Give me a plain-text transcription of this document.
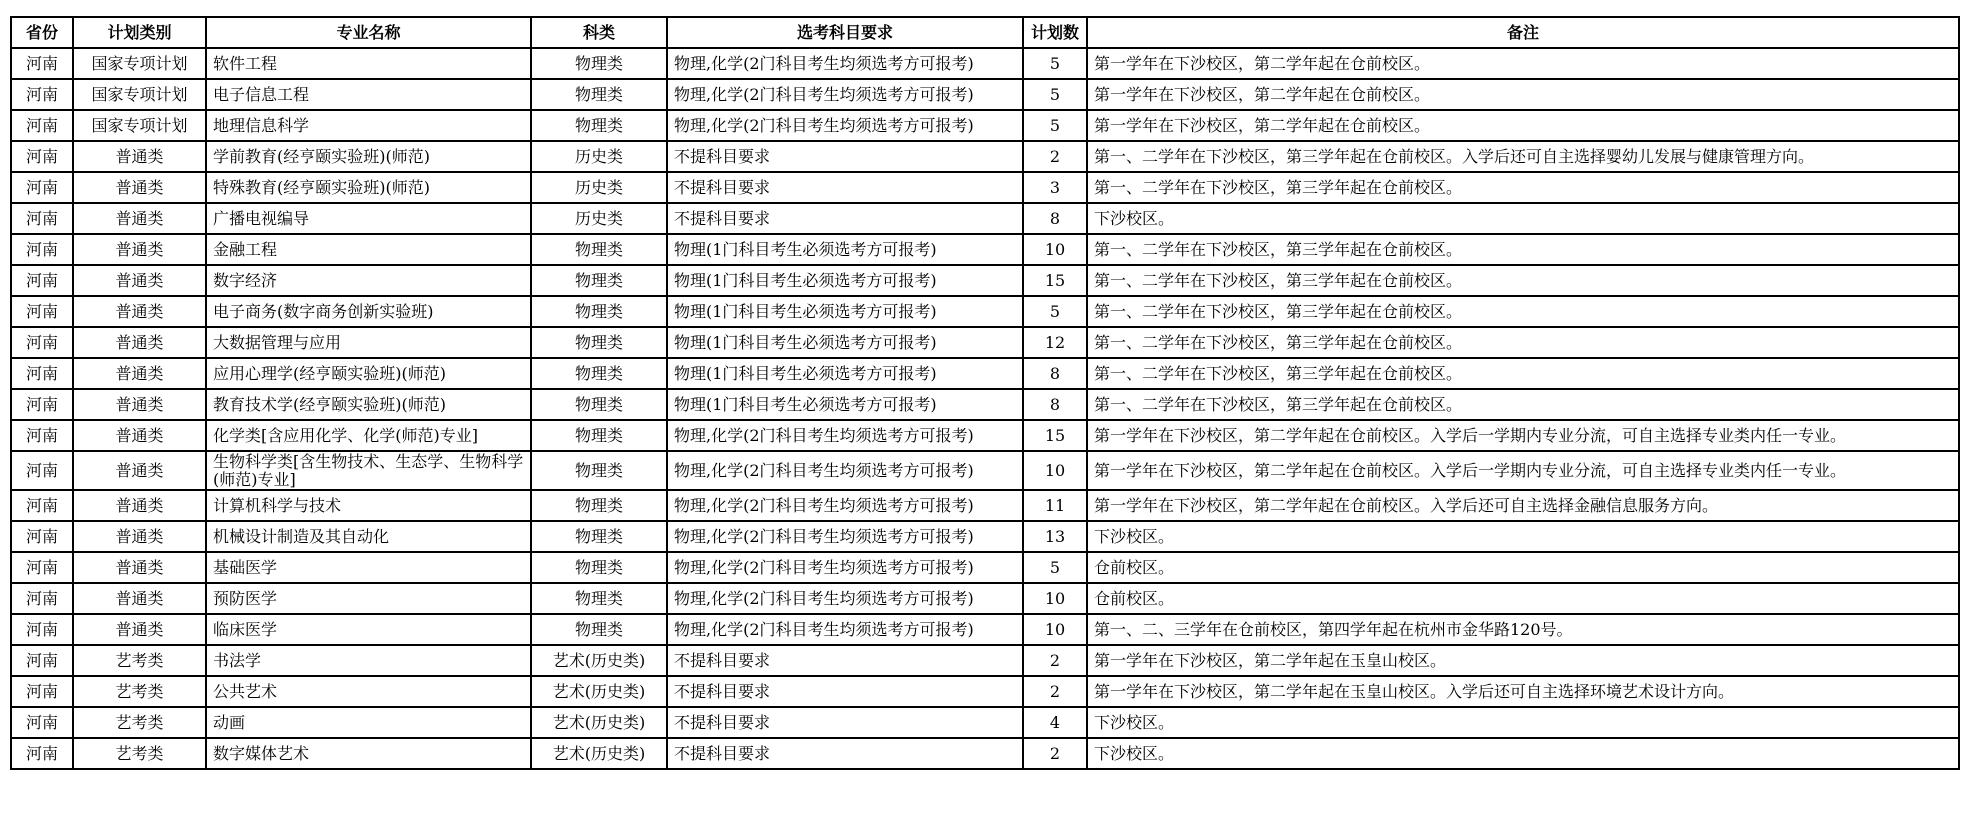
省份	计划类别	专业名称	科类	选考科目要求	计划数	备注
河南	国家专项计划	软件工程	物理类	物理,化学(2门科目考生均须选考方可报考)	5	第一学年在下沙校区，第二学年起在仓前校区。
河南	国家专项计划	电子信息工程	物理类	物理,化学(2门科目考生均须选考方可报考)	5	第一学年在下沙校区，第二学年起在仓前校区。
河南	国家专项计划	地理信息科学	物理类	物理,化学(2门科目考生均须选考方可报考)	5	第一学年在下沙校区，第二学年起在仓前校区。
河南	普通类	学前教育(经亨颐实验班)(师范)	历史类	不提科目要求	2	第一、二学年在下沙校区，第三学年起在仓前校区。入学后还可自主选择婴幼儿发展与健康管理方向。
河南	普通类	特殊教育(经亨颐实验班)(师范)	历史类	不提科目要求	3	第一、二学年在下沙校区，第三学年起在仓前校区。
河南	普通类	广播电视编导	历史类	不提科目要求	8	下沙校区。
河南	普通类	金融工程	物理类	物理(1门科目考生必须选考方可报考)	10	第一、二学年在下沙校区，第三学年起在仓前校区。
河南	普通类	数字经济	物理类	物理(1门科目考生必须选考方可报考)	15	第一、二学年在下沙校区，第三学年起在仓前校区。
河南	普通类	电子商务(数字商务创新实验班)	物理类	物理(1门科目考生必须选考方可报考)	5	第一、二学年在下沙校区，第三学年起在仓前校区。
河南	普通类	大数据管理与应用	物理类	物理(1门科目考生必须选考方可报考)	12	第一、二学年在下沙校区，第三学年起在仓前校区。
河南	普通类	应用心理学(经亨颐实验班)(师范)	物理类	物理(1门科目考生必须选考方可报考)	8	第一、二学年在下沙校区，第三学年起在仓前校区。
河南	普通类	教育技术学(经亨颐实验班)(师范)	物理类	物理(1门科目考生必须选考方可报考)	8	第一、二学年在下沙校区，第三学年起在仓前校区。
河南	普通类	化学类[含应用化学、化学(师范)专业]	物理类	物理,化学(2门科目考生均须选考方可报考)	15	第一学年在下沙校区，第二学年起在仓前校区。入学后一学期内专业分流，可自主选择专业类内任一专业。
河南	普通类	生物科学类[含生物技术、生态学、生物科学(师范)专业]	物理类	物理,化学(2门科目考生均须选考方可报考)	10	第一学年在下沙校区，第二学年起在仓前校区。入学后一学期内专业分流，可自主选择专业类内任一专业。
河南	普通类	计算机科学与技术	物理类	物理,化学(2门科目考生均须选考方可报考)	11	第一学年在下沙校区，第二学年起在仓前校区。入学后还可自主选择金融信息服务方向。
河南	普通类	机械设计制造及其自动化	物理类	物理,化学(2门科目考生均须选考方可报考)	13	下沙校区。
河南	普通类	基础医学	物理类	物理,化学(2门科目考生均须选考方可报考)	5	仓前校区。
河南	普通类	预防医学	物理类	物理,化学(2门科目考生均须选考方可报考)	10	仓前校区。
河南	普通类	临床医学	物理类	物理,化学(2门科目考生均须选考方可报考)	10	第一、二、三学年在仓前校区，第四学年起在杭州市金华路120号。
河南	艺考类	书法学	艺术(历史类)	不提科目要求	2	第一学年在下沙校区，第二学年起在玉皇山校区。
河南	艺考类	公共艺术	艺术(历史类)	不提科目要求	2	第一学年在下沙校区，第二学年起在玉皇山校区。入学后还可自主选择环境艺术设计方向。
河南	艺考类	动画	艺术(历史类)	不提科目要求	4	下沙校区。
河南	艺考类	数字媒体艺术	艺术(历史类)	不提科目要求	2	下沙校区。
